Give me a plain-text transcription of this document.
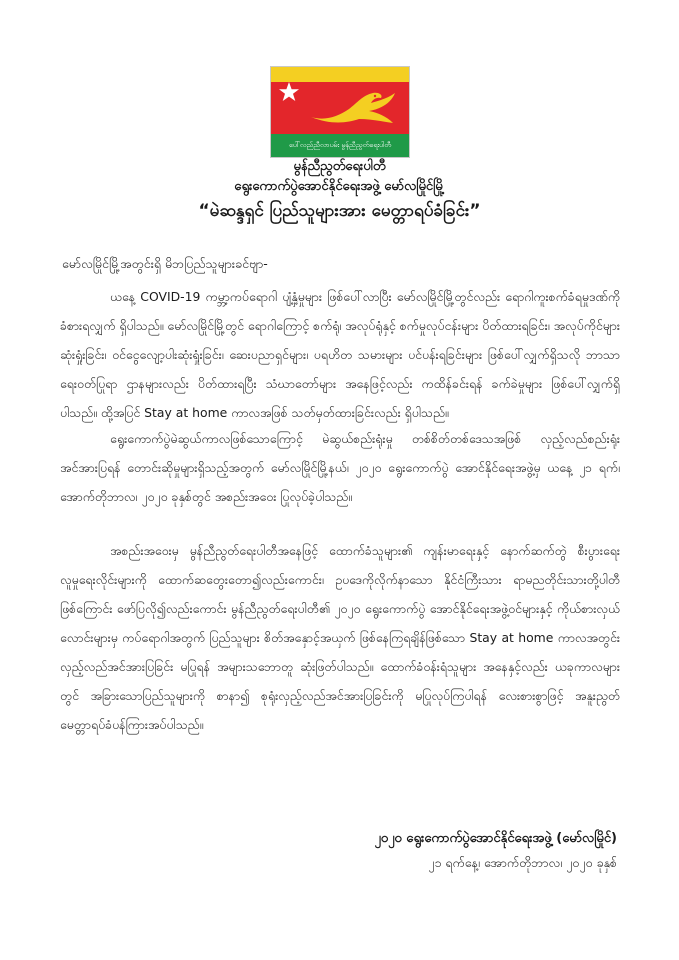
ပေါ်လည်ညီလာပမ်း မွန်ညီညွတ်ရေးပါတီ
မွန်ညီညွတ်ရေးပါတီ
ရွေးကောက်ပွဲအောင်နိုင်ရေးအဖွဲ့ မော်လမြိုင်မြို့
“မဲဆန္ဒရှင် ပြည်သူများအား မေတ္တာရပ်ခံခြင်း”
မော်လမြိုင်မြို့အတွင်းရှိ မိဘပြည်သူများခင်ဗျာ-

ယနေ့ COVID-19 ကမ္ဘာ့ကပ်ရောဂါ ပျံ့နှံ့မှုများ ဖြစ်ပေါ်လာပြီး မော်လမြိုင်မြို့တွင်လည်း ရောဂါကူးစက်ခံရမှုဒဏ်ကို ခံစားရလျှက် ရှိပါသည်။ မော်လမြိုင်မြို့တွင် ရောဂါကြောင့် စက်ရုံ၊ အလုပ်ရုံနှင့် စက်မှုလုပ်ငန်းများ ပိတ်ထားရခြင်း၊ အလုပ်ကိုင်များ ဆုံးရှုံးခြင်း၊ ဝင်ငွေလျော့ပါးဆုံးရှုံးခြင်း၊ ဆေးပညာရှင်များ၊ ပရဟိတ သမားများ ပင်ပန်းရခြင်းများ ဖြစ်ပေါ်လျှက်ရှိသလို ဘာသာရေးဝတ်ပြုရာ ဌာနများလည်း ပိတ်ထားရပြီး သံဃာတော်များ အနေဖြင့်လည်း ကထိန်ခင်းရန် ခက်ခဲမှုများ ဖြစ်ပေါ်လျှက်ရှိပါသည်။ ထို့အပြင် Stay at home ကာလအဖြစ် သတ်မှတ်ထားခြင်းလည်း ရှိပါသည်။

ရွေးကောက်ပွဲမဲဆွယ်ကာလဖြစ်သောကြောင့် မဲဆွယ်စည်းရုံးမှု တစ်စိတ်တစ်ဒေသအဖြစ် လှည့်လည်စည်းရုံးအင်အားပြရန် တောင်းဆိုမှုများရှိသည့်အတွက် မော်လမြိုင်မြို့နယ်၊ ၂၀၂၀ ရွေးကောက်ပွဲ အောင်နိုင်ရေးအဖွဲ့မှ ယနေ့ ၂၁ ရက်၊ အောက်တိုဘာလ၊ ၂၀၂၀ ခုနှစ်တွင် အစည်းအဝေး ပြုလုပ်ခဲ့ပါသည်။

အစည်းအဝေးမှ မွန်ညီညွတ်ရေးပါတီအနေဖြင့် ထောက်ခံသူများ၏ ကျန်းမာရေးနှင့် နောက်ဆက်တွဲ စီးပွားရေး လူမှုရေးလိုင်းများကို ထောက်ဆတွေးတော၍လည်းကောင်း၊ ဥပဒေကိုလိုက်နာသော နိုင်ငံကြီးသား ရာမညတိုင်းသားတို့ပါတီဖြစ်ကြောင်း ဖော်ပြလို၍လည်းကောင်း မွန်ညီညွတ်ရေးပါတီ၏ ၂၀၂၀ ရွေးကောက်ပွဲ အောင်နိုင်ရေးအဖွဲ့ဝင်များနှင့် ကိုယ်စားလှယ်လောင်းများမှ ကပ်ရောဂါအတွက် ပြည်သူများ စိတ်အနှောင့်အယှက် ဖြစ်နေကြရချိန်ဖြစ်သော Stay at home ကာလအတွင်း လှည့်လည်အင်အားပြခြင်း မပြုရန် အများသဘောတူ ဆုံးဖြတ်ပါသည်။ ထောက်ခံဝန်းရံသူများ အနေနှင့်လည်း ယခုကာလများတွင် အခြားသောပြည်သူများကို စာနာ၍ စုရုံးလှည့်လည်အင်အားပြခြင်းကို မပြုလုပ်ကြပါရန် လေးစားစွာဖြင့် အနူးညွတ် မေတ္တာရပ်ခံပန်ကြားအပ်ပါသည်။

၂၀၂၀ ရွေးကောက်ပွဲအောင်နိုင်ရေးအဖွဲ့ (မော်လမြိုင်)
၂၁ ရက်နေ့၊ အောက်တိုဘာလ၊ ၂၀၂၀ ခုနှစ်
